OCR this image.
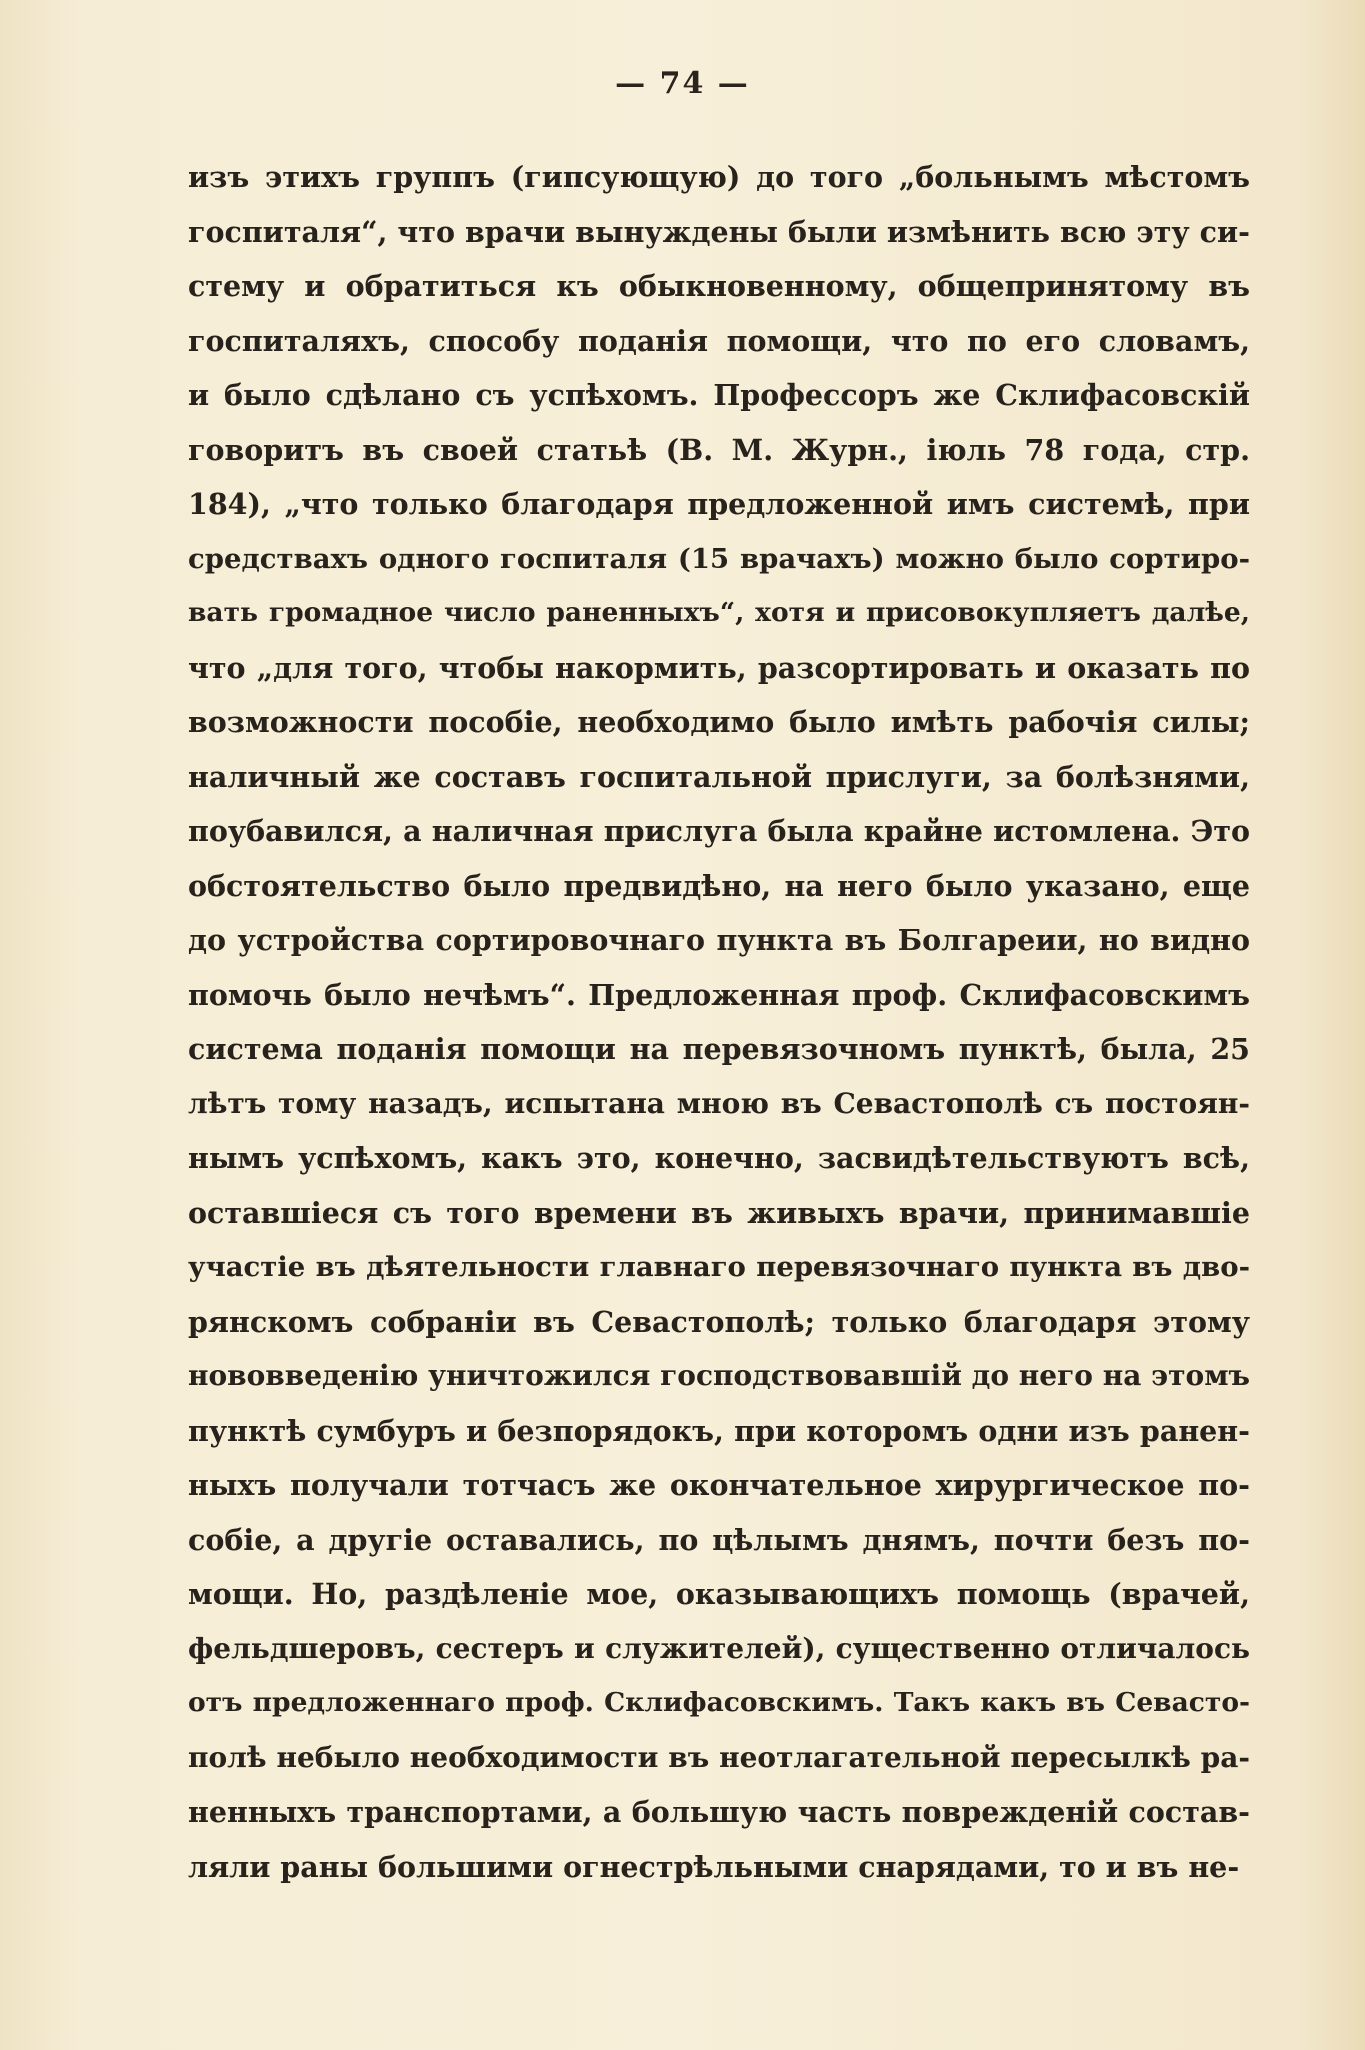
— 74 —
изъ этихъ группъ (гипсующую) до того „больнымъ мѣстомъ
госпиталя“, что врачи вынуждены были измѣнить всю эту си-
стему и обратиться къ обыкновенному, общепринятому въ
госпиталяхъ, способу поданія помощи, что по его словамъ,
и было сдѣлано съ успѣхомъ. Профессоръ же Склифасовскій
говоритъ въ своей статьѣ (В. М. Журн., іюль 78 года, стр.
184), „что только благодаря предложенной имъ системѣ, при
средствахъ одного госпиталя (15 врачахъ) можно было сортиро-
вать громадное число раненныхъ“, хотя и присовокупляетъ далѣе,
что „для того, чтобы накормить, разсортировать и оказать по
возможности пособіе, необходимо было имѣть рабочія силы;
наличный же составъ госпитальной прислуги, за болѣзнями,
поубавился, а наличная прислуга была крайне истомлена. Это
обстоятельство было предвидѣно, на него было указано, еще
до устройства сортировочнаго пункта въ Болгареии, но видно
помочь было нечѣмъ“. Предложенная проф. Склифасовскимъ
система поданія помощи на перевязочномъ пунктѣ, была, 25
лѣтъ тому назадъ, испытана мною въ Севастополѣ съ постоян-
нымъ успѣхомъ, какъ это, конечно, засвидѣтельствуютъ всѣ,
оставшіеся съ того времени въ живыхъ врачи, принимавшіе
участіе въ дѣятельности главнаго перевязочнаго пункта въ дво-
рянскомъ собраніи въ Севастополѣ; только благодаря этому
нововведенію уничтожился господствовавшій до него на этомъ
пунктѣ сумбуръ и безпорядокъ, при которомъ одни изъ ранен-
ныхъ получали тотчасъ же окончательное хирургическое по-
собіе, а другіе оставались, по цѣлымъ днямъ, почти безъ по-
мощи. Но, раздѣленіе мое, оказывающихъ помощь (врачей,
фельдшеровъ, сестеръ и служителей), существенно отличалось
отъ предложеннаго проф. Склифасовскимъ. Такъ какъ въ Севасто-
полѣ небыло необходимости въ неотлагательной пересылкѣ ра-
ненныхъ транспортами, а большую часть поврежденій состав-
ляли раны большими огнестрѣльными снарядами, то и въ не-
